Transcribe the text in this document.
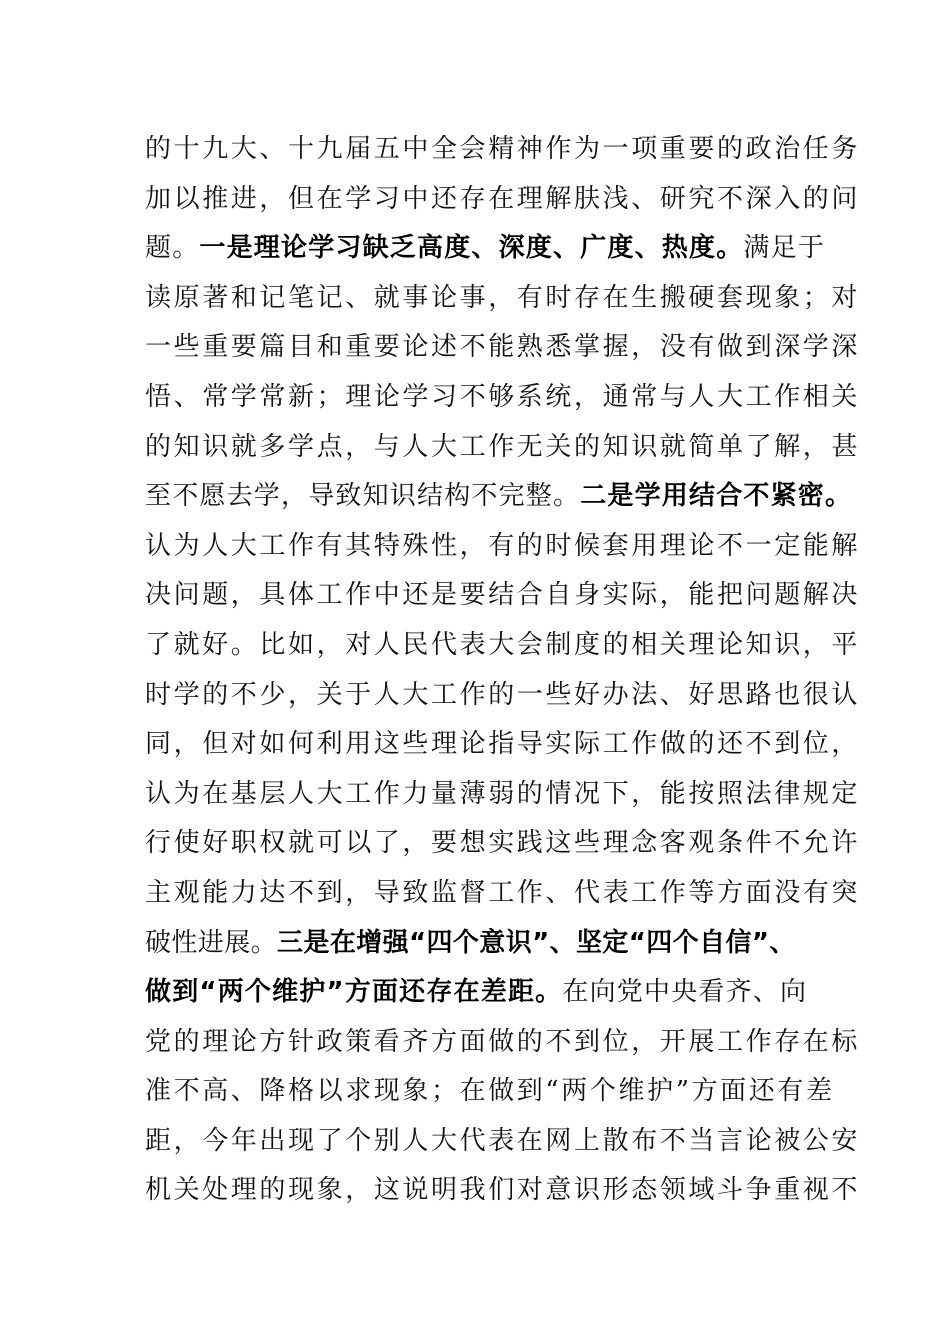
的十九大、十九届五中全会精神作为一项重要的政治任务
加以推进，但在学习中还存在理解肤浅、研究不深入的问
题。一是理论学习缺乏高度、深度、广度、热度。满足于
读原著和记笔记、就事论事，有时存在生搬硬套现象；对
一些重要篇目和重要论述不能熟悉掌握，没有做到深学深
悟、常学常新；理论学习不够系统，通常与人大工作相关
的知识就多学点，与人大工作无关的知识就简单了解，甚
至不愿去学，导致知识结构不完整。二是学用结合不紧密。
认为人大工作有其特殊性，有的时候套用理论不一定能解
决问题，具体工作中还是要结合自身实际，能把问题解决
了就好。比如，对人民代表大会制度的相关理论知识，平
时学的不少，关于人大工作的一些好办法、好思路也很认
同，但对如何利用这些理论指导实际工作做的还不到位，
认为在基层人大工作力量薄弱的情况下，能按照法律规定
行使好职权就可以了，要想实践这些理念客观条件不允许
主观能力达不到，导致监督工作、代表工作等方面没有突
破性进展。三是在增强“四个意识”、坚定“四个自信”、
做到“两个维护”方面还存在差距。在向党中央看齐、向
党的理论方针政策看齐方面做的不到位，开展工作存在标
准不高、降格以求现象；在做到“两个维护”方面还有差
距，今年出现了个别人大代表在网上散布不当言论被公安
机关处理的现象，这说明我们对意识形态领域斗争重视不
